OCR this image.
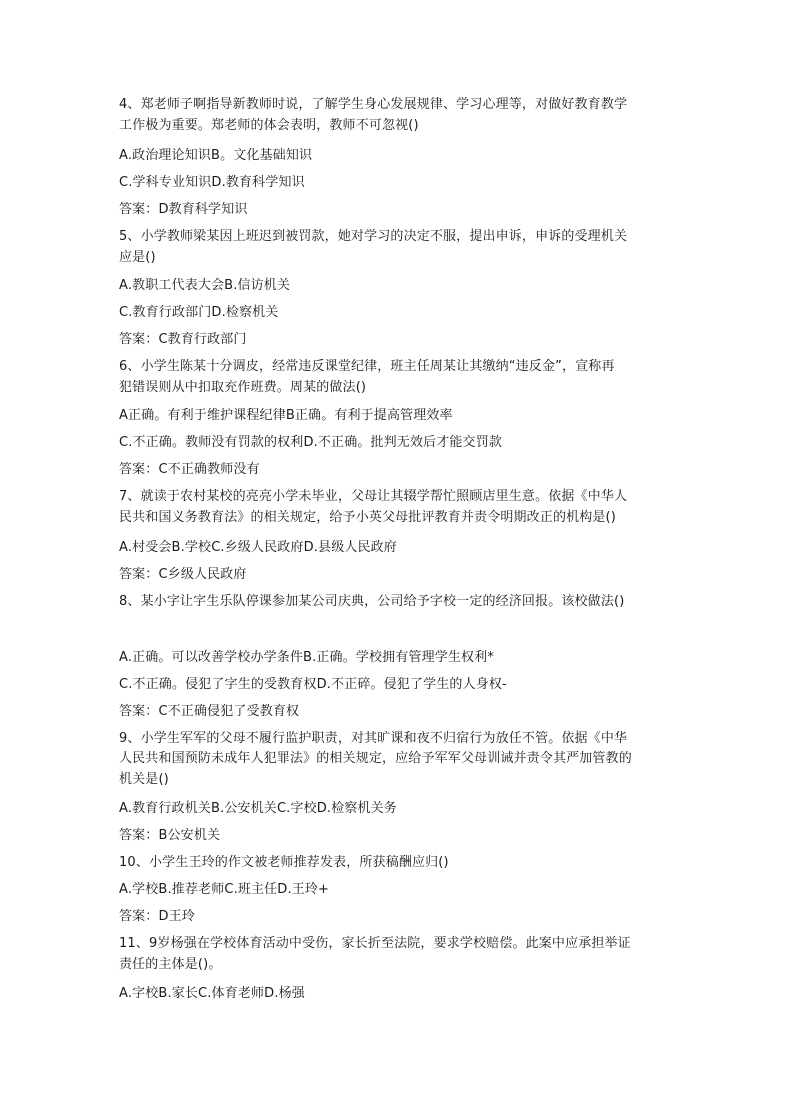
4、郑老师子啊指导新教师时说，了解学生身心发展规律、学习心理等，对做好教育教学
工作极为重要。郑老师的体会表明，教师不可忽视()
A.政治理论知识B。文化基础知识
C.学科专业知识D.教育科学知识
答案：D教育科学知识
5、小学教师梁某因上班迟到被罚款，她对学习的决定不服，提出申诉，申诉的受理机关
应是()
A.教职工代表大会B.信访机关
C.教育行政部门D.检察机关
答案：C教育行政部门
6、小学生陈某十分调皮，经常违反课堂纪律，班主任周某让其缴纳“违反金”，宣称再
犯错误则从中扣取充作班费。周某的做法()
A正确。有利于维护课程纪律B正确。有利于提高管理效率
C.不正确。教师没有罚款的权利D.不正确。批判无效后才能交罚款
答案：C不正确教师没有
7、就读于农村某校的亮亮小学未毕业，父母让其辍学帮忙照顾店里生意。依据《中华人
民共和国义务教育法》的相关规定，给予小英父母批评教育并责令明期改正的机构是()
A.村受会B.学校C.乡级人民政府D.县级人民政府
答案：C乡级人民政府
8、某小字让字生乐队停课参加某公司庆典，公司给予字校一定的经济回报。该校做法()
A.正确。可以改善学校办学条件B.正确。学校拥有管理学生权利*
C.不正确。侵犯了字生的受教育权D.不正碎。侵犯了学生的人身权-
答案：C不正确侵犯了受教育权
9、小学生军军的父母不履行监护职责，对其旷课和夜不归宿行为放任不管。依据《中华
人民共和国预防未成年人犯罪法》的相关规定，应给予军军父母训诫并责令其严加管教的
机关是()
A.教育行政机关B.公安机关C.字校D.检察机关务
答案：B公安机关
10、小学生王玲的作文被老师推荐发表，所获稿酬应归()
A.学校B.推荐老师C.班主任D.王玲+
答案：D王玲
11、9岁杨强在学校体育活动中受伤，家长折至法院，要求学校赔偿。此案中应承担举证
责任的主体是()。
A.字校B.家长C.体育老师D.杨强
